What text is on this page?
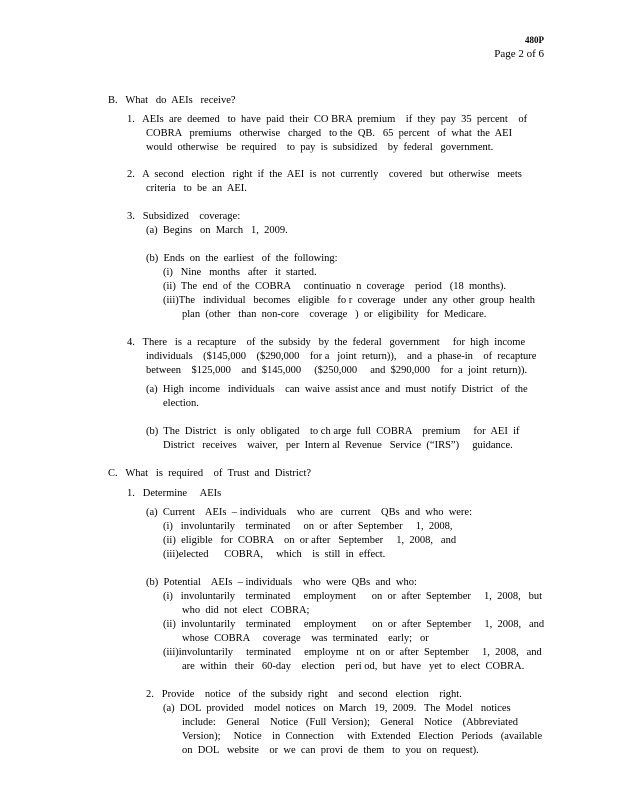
480P
Page 2 of 6
B.   What   do  AEIs   receive?
1.   AEIs  are  deemed   to  have  paid  their  CO BRA  premium    if  they  pay  35  percent    of
COBRA   premiums   otherwise   charged   to the  QB.   65  percent   of  what  the  AEI
would  otherwise   be  required    to  pay  is  subsidized    by  federal   government.
2.   A  second   election   right  if  the  AEI  is  not  currently    covered   but  otherwise   meets
criteria   to  be  an  AEI.
3.   Subsidized    coverage:
(a)  Begins   on  March   1,  2009.
(b)  Ends  on  the  earliest   of  the  following:
(i)   Nine   months   after   it  started.
(ii)  The  end  of  the  COBRA     continuatio  n  coverage    period   (18  months).
(iii)The   individual   becomes   eligible   fo r  coverage   under  any  other  group  health
plan  (other   than  non-core    coverage   )  or  eligibility   for  Medicare.
4.   There   is  a  recapture    of  the  subsidy   by  the  federal   government     for  high  income
individuals    ($145,000    ($290,000    for a   joint  return)),    and  a  phase-in    of  recapture
between    $125,000    and  $145,000     ($250,000     and  $290,000    for  a  joint  return)).
(a)  High  income   individuals    can  waive  assist ance  and  must  notify  District   of  the
election.
(b)  The  District   is  only  obligated    to ch arge  full  COBRA    premium     for  AEI  if
District   receives    waiver,   per  Intern al  Revenue   Service  (“IRS”)     guidance.
C.   What   is  required    of  Trust  and  District?
1.   Determine     AEIs
(a)  Current    AEIs  – individuals    who  are   current    QBs  and  who  were:
(i)   involuntarily    terminated     on  or  after  September     1,  2008,
(ii)  eligible   for  COBRA    on  or after   September     1,  2008,   and
(iii)elected      COBRA,     which    is  still  in  effect.
(b)  Potential    AEIs  – individuals    who  were  QBs  and  who:
(i)   involuntarily    terminated     employment      on  or  after  September     1,  2008,   but
who  did  not  elect   COBRA;
(ii)  involuntarily    terminated     employment      on  or  after  September     1,  2008,   and
whose  COBRA     coverage    was  terminated    early;   or
(iii)involuntarily     terminated     employme   nt  on  or  after  September     1,  2008,   and
are  within   their   60-day    election    peri od,  but  have   yet  to  elect  COBRA.
2.   Provide    notice   of  the  subsidy  right    and  second   election    right.
(a)  DOL  provided    model  notices   on  March   19,  2009.   The  Model   notices
include:    General    Notice   (Full  Version);    General    Notice    (Abbreviated
Version);     Notice    in  Connection     with  Extended   Election   Periods   (available
on  DOL   website    or  we  can  provi  de  them   to  you  on  request).
